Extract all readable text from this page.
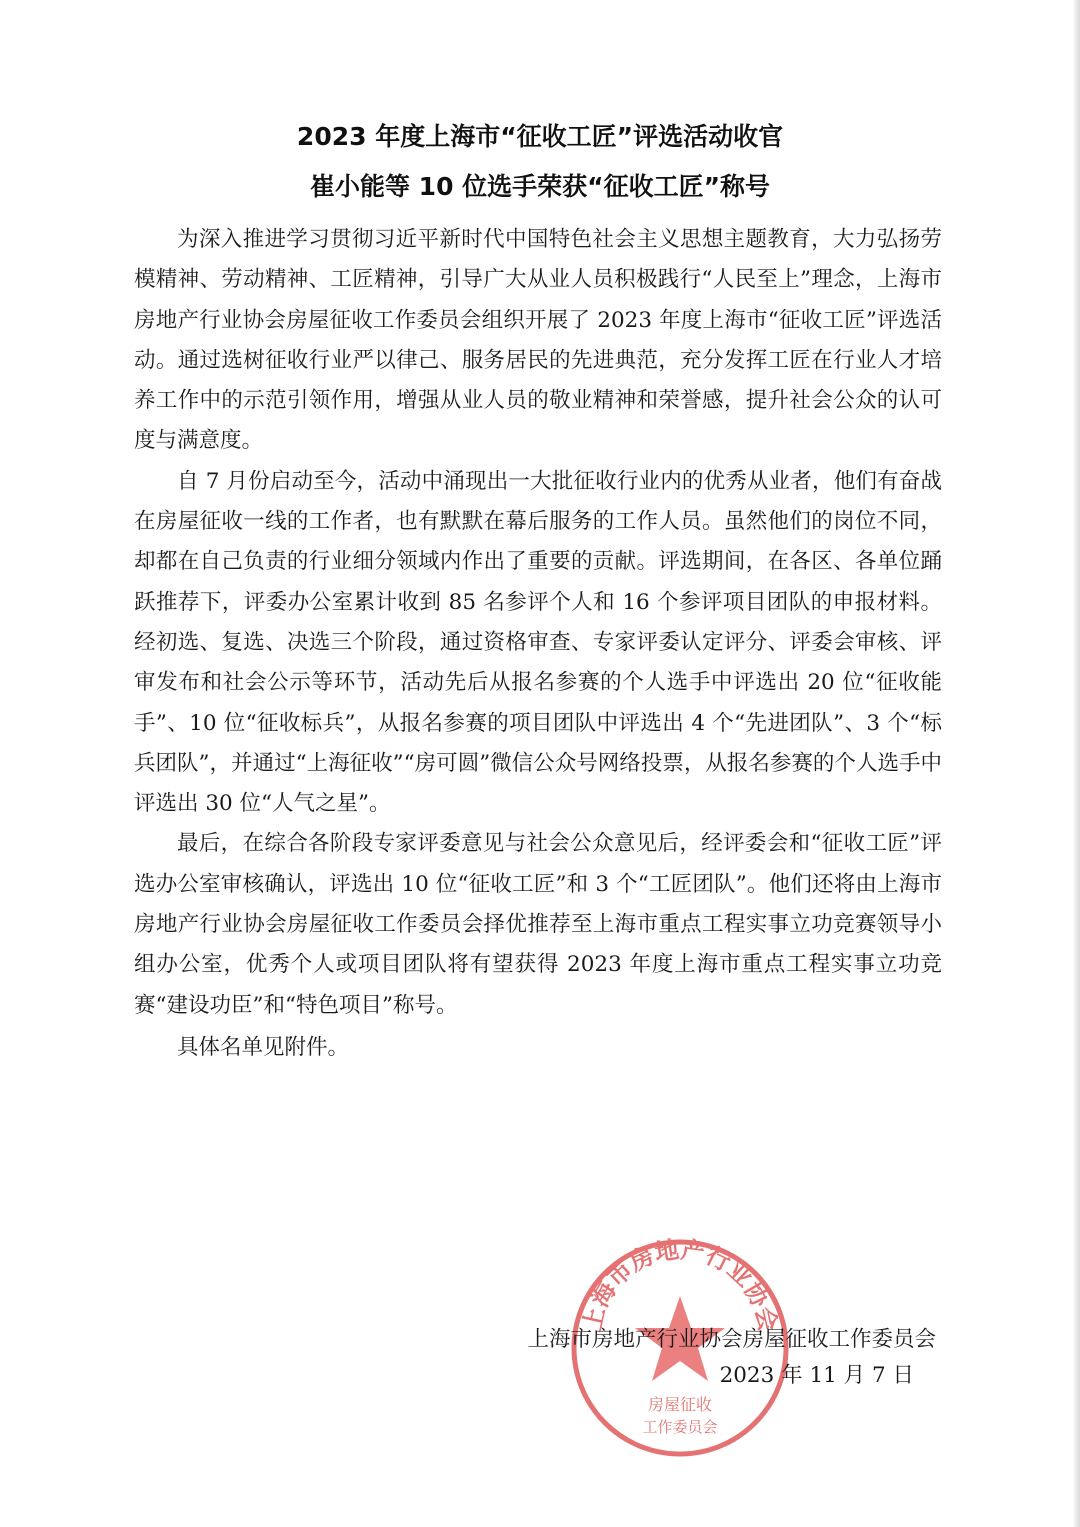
2023 年度上海市“征收工匠”评选活动收官
崔小能等 10 位选手荣获“征收工匠”称号

为深入推进学习贯彻习近平新时代中国特色社会主义思想主题教育，大力弘扬劳模精神、劳动精神、工匠精神，引导广大从业人员积极践行“人民至上”理念，上海市房地产行业协会房屋征收工作委员会组织开展了 2023 年度上海市“征收工匠”评选活动。通过选树征收行业严以律己、服务居民的先进典范，充分发挥工匠在行业人才培养工作中的示范引领作用，增强从业人员的敬业精神和荣誉感，提升社会公众的认可度与满意度。

自 7 月份启动至今，活动中涌现出一大批征收行业内的优秀从业者，他们有奋战在房屋征收一线的工作者，也有默默在幕后服务的工作人员。虽然他们的岗位不同，却都在自己负责的行业细分领域内作出了重要的贡献。评选期间，在各区、各单位踊跃推荐下，评委办公室累计收到 85 名参评个人和 16 个参评项目团队的申报材料。经初选、复选、决选三个阶段，通过资格审查、专家评委认定评分、评委会审核、评审发布和社会公示等环节，活动先后从报名参赛的个人选手中评选出 20 位“征收能手”、10 位“征收标兵”，从报名参赛的项目团队中评选出 4 个“先进团队”、3 个“标兵团队”，并通过“上海征收”“房可圆”微信公众号网络投票，从报名参赛的个人选手中评选出 30 位“人气之星”。

最后，在综合各阶段专家评委意见与社会公众意见后，经评委会和“征收工匠”评选办公室审核确认，评选出 10 位“征收工匠”和 3 个“工匠团队”。他们还将由上海市房地产行业协会房屋征收工作委员会择优推荐至上海市重点工程实事立功竞赛领导小组办公室，优秀个人或项目团队将有望获得 2023 年度上海市重点工程实事立功竞赛“建设功臣”和“特色项目”称号。

具体名单见附件。

上海市房地产行业协会
房屋征收
工作委员会
上海市房地产行业协会房屋征收工作委员会
2023 年 11 月 7 日
